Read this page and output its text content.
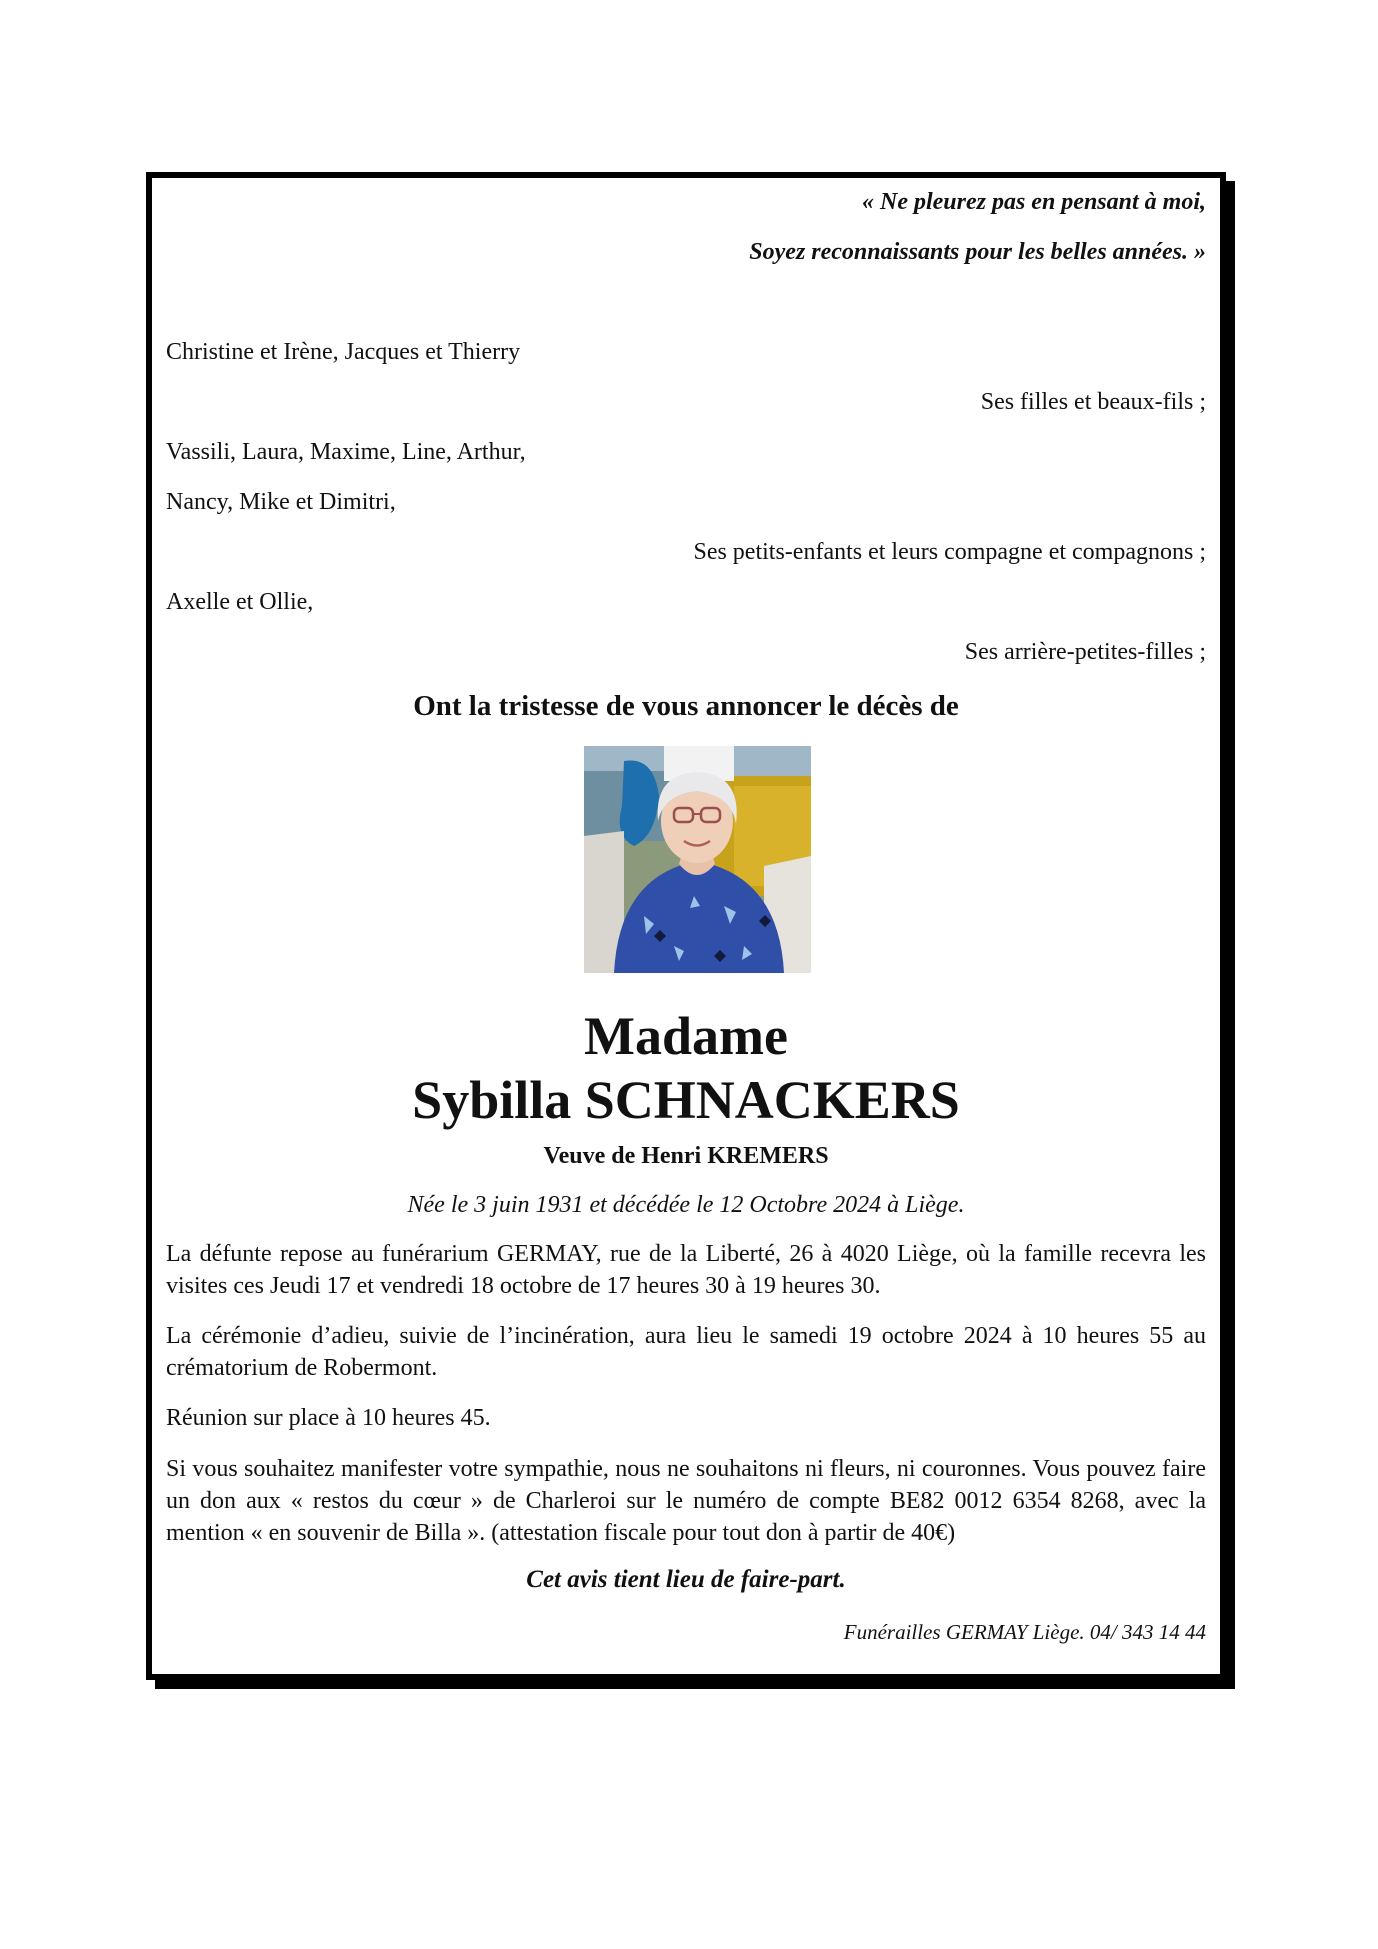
« Ne pleurez pas en pensant à moi,
Soyez reconnaissants pour les belles années. »
Christine et Irène, Jacques et Thierry
Ses filles et beaux-fils ;
Vassili, Laura, Maxime, Line, Arthur,
Nancy, Mike et Dimitri,
Ses petits-enfants et leurs compagne et compagnons ;
Axelle et Ollie,
Ses arrière-petites-filles ;
Ont la tristesse de vous annoncer le décès de
Madame
Sybilla SCHNACKERS
Veuve de Henri KREMERS
Née le 3 juin 1931 et décédée le 12 Octobre 2024 à Liège.
La défunte repose au funérarium GERMAY, rue de la Liberté, 26 à 4020 Liège, où la famille recevra les visites ces Jeudi 17 et vendredi 18 octobre de 17 heures 30 à 19 heures 30.
La cérémonie d’adieu, suivie de l’incinération, aura lieu le samedi 19 octobre 2024 à 10 heures 55 au crématorium de Robermont.
Réunion sur place à 10 heures 45.
Si vous souhaitez manifester votre sympathie, nous ne souhaitons ni fleurs, ni couronnes. Vous pouvez faire un don aux « restos du cœur » de Charleroi sur le numéro de compte BE82 0012 6354 8268, avec la mention « en souvenir de Billa ». (attestation fiscale pour tout don à partir de 40€)
Cet avis tient lieu de faire-part.
Funérailles GERMAY Liège. 04/ 343 14 44
